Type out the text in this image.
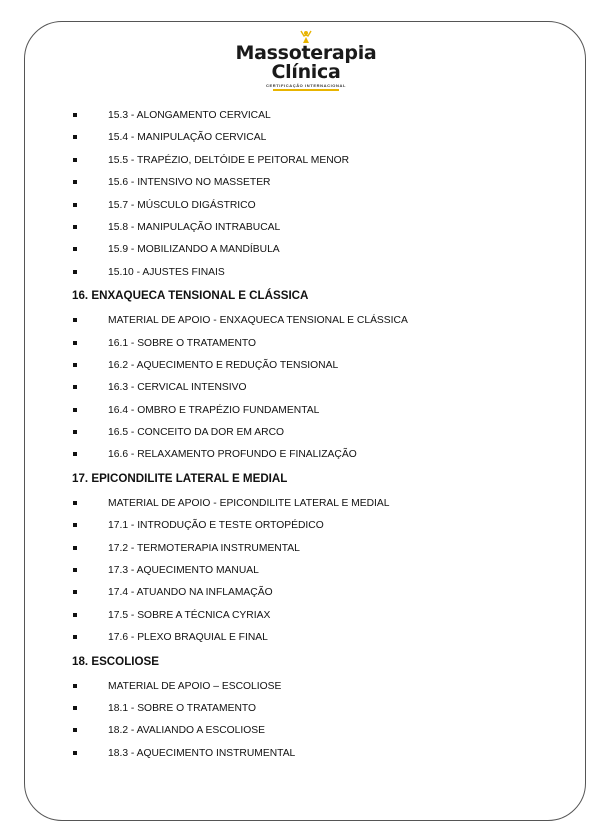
Massoterapia
Clínica
CERTIFICAÇÃO INTERNACIONAL
15.3 - ALONGAMENTO CERVICAL
15.4 - MANIPULAÇÃO CERVICAL
15.5 - TRAPÉZIO, DELTÓIDE E PEITORAL MENOR
15.6 - INTENSIVO NO MASSETER
15.7 - MÚSCULO DIGÁSTRICO
15.8 - MANIPULAÇÃO INTRABUCAL
15.9 - MOBILIZANDO A MANDÍBULA
15.10 - AJUSTES FINAIS
16. ENXAQUECA TENSIONAL E CLÁSSICA
MATERIAL DE APOIO - ENXAQUECA TENSIONAL E CLÁSSICA
16.1 - SOBRE O TRATAMENTO
16.2 - AQUECIMENTO E REDUÇÃO TENSIONAL
16.3 - CERVICAL INTENSIVO
16.4 - OMBRO E TRAPÉZIO FUNDAMENTAL
16.5 - CONCEITO DA DOR EM ARCO
16.6 - RELAXAMENTO PROFUNDO E FINALIZAÇÃO
17. EPICONDILITE LATERAL E MEDIAL
MATERIAL DE APOIO - EPICONDILITE LATERAL E MEDIAL
17.1 - INTRODUÇÃO E TESTE ORTOPÉDICO
17.2 - TERMOTERAPIA INSTRUMENTAL
17.3 - AQUECIMENTO MANUAL
17.4 - ATUANDO NA INFLAMAÇÃO
17.5 - SOBRE A TÉCNICA CYRIAX
17.6 - PLEXO BRAQUIAL E FINAL
18. ESCOLIOSE
MATERIAL DE APOIO – ESCOLIOSE
18.1 - SOBRE O TRATAMENTO
18.2 - AVALIANDO A ESCOLIOSE
18.3 - AQUECIMENTO INSTRUMENTAL
